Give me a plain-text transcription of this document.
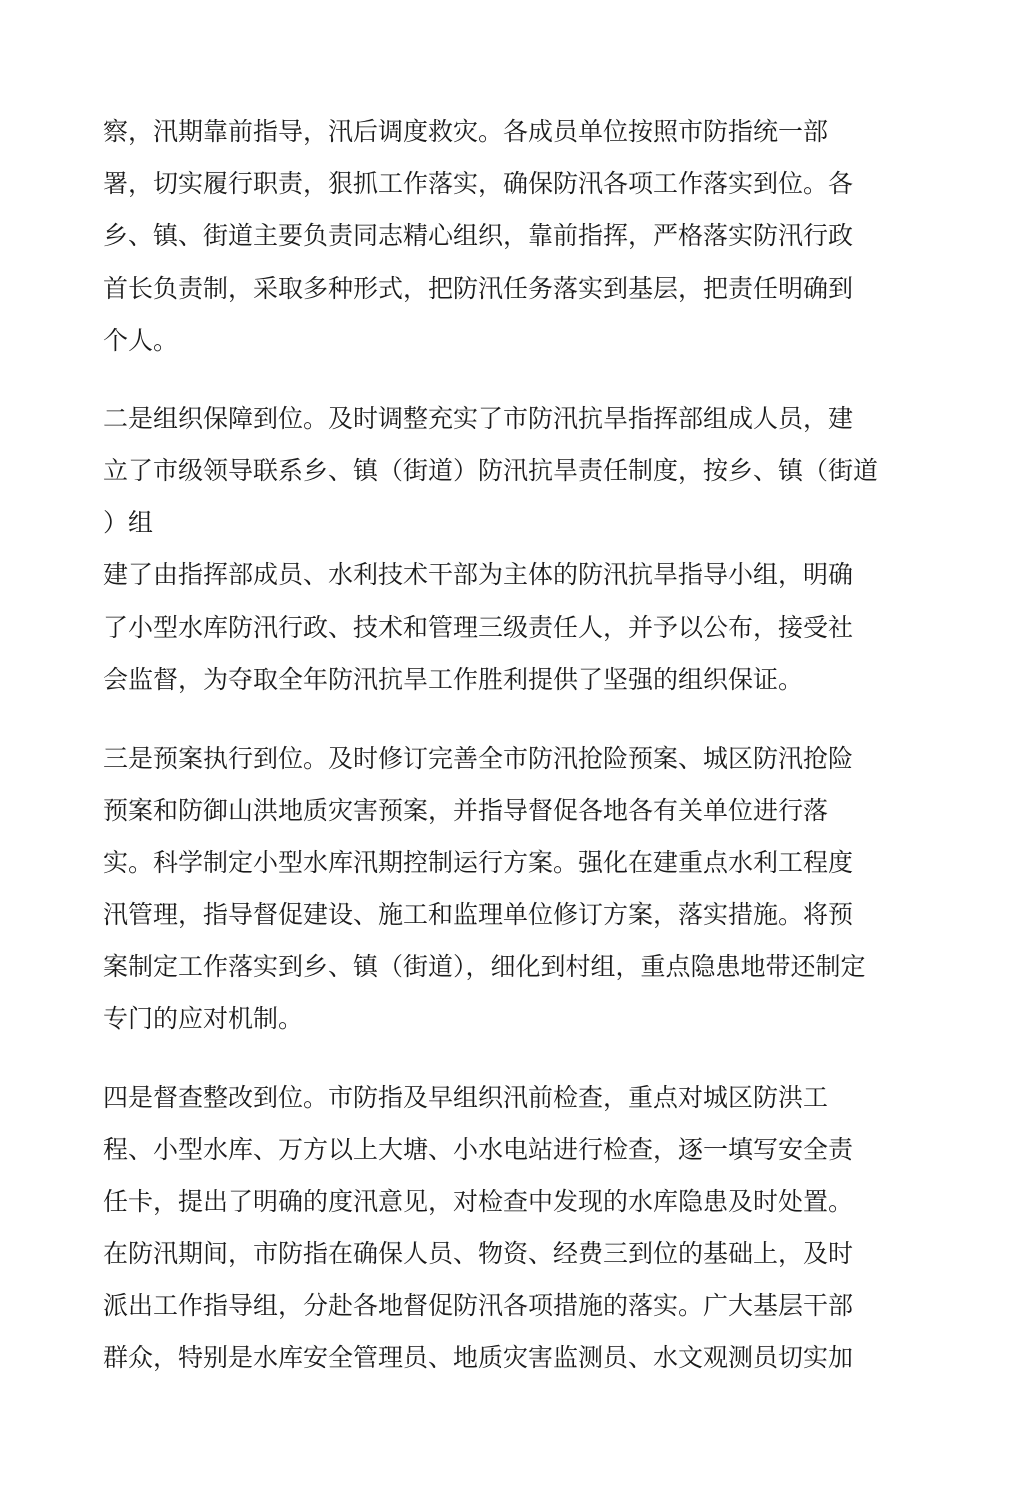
察，汛期靠前指导，汛后调度救灾。各成员单位按照市防指统一部
署，切实履行职责，狠抓工作落实，确保防汛各项工作落实到位。各
乡、镇、街道主要负责同志精心组织，靠前指挥，严格落实防汛行政
首长负责制，采取多种形式，把防汛任务落实到基层，把责任明确到
个人。
二是组织保障到位。及时调整充实了市防汛抗旱指挥部组成人员，建
立了市级领导联系乡、镇（街道）防汛抗旱责任制度，按乡、镇（街道
）组
建了由指挥部成员、水利技术干部为主体的防汛抗旱指导小组，明确
了小型水库防汛行政、技术和管理三级责任人，并予以公布，接受社
会监督，为夺取全年防汛抗旱工作胜利提供了坚强的组织保证。
三是预案执行到位。及时修订完善全市防汛抢险预案、城区防汛抢险
预案和防御山洪地质灾害预案，并指导督促各地各有关单位进行落
实。科学制定小型水库汛期控制运行方案。强化在建重点水利工程度
汛管理，指导督促建设、施工和监理单位修订方案，落实措施。将预
案制定工作落实到乡、镇（街道），细化到村组，重点隐患地带还制定
专门的应对机制。
四是督查整改到位。市防指及早组织汛前检查，重点对城区防洪工
程、小型水库、万方以上大塘、小水电站进行检查，逐一填写安全责
任卡，提出了明确的度汛意见，对检查中发现的水库隐患及时处置。
在防汛期间，市防指在确保人员、物资、经费三到位的基础上，及时
派出工作指导组，分赴各地督促防汛各项措施的落实。广大基层干部
群众，特别是水库安全管理员、地质灾害监测员、水文观测员切实加
